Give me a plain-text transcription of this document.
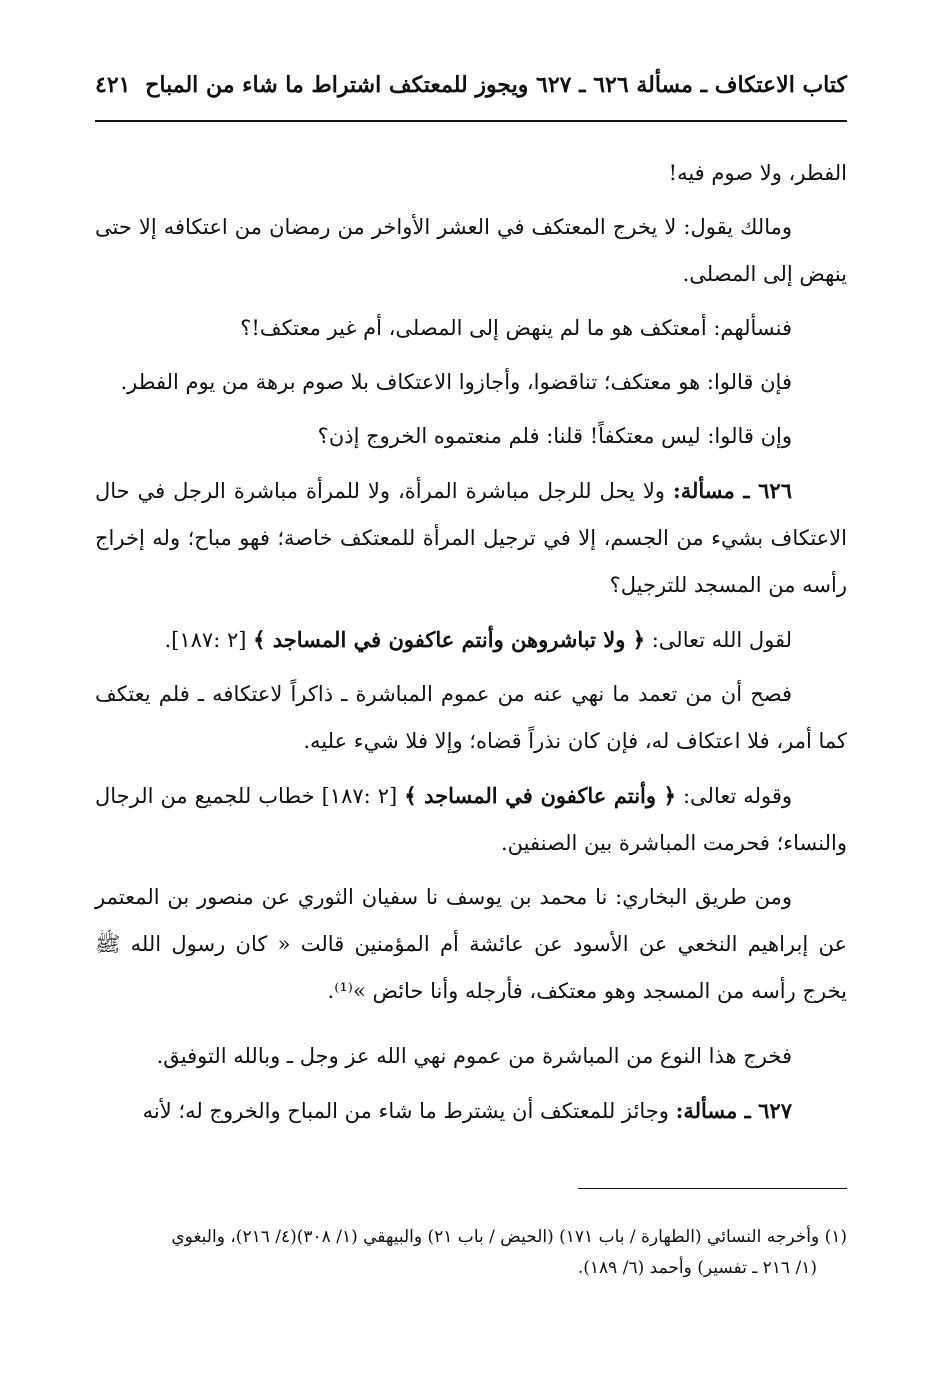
كتاب الاعتكاف ـ مسألة ٦٢٦ ـ ٦٢٧ ويجوز للمعتكف اشتراط ما شاء من المباح
٤٢١

الفطر، ولا صوم فيه!

ومالك يقول: لا يخرج المعتكف في العشر الأواخر من رمضان من اعتكافه إلا حتى ينهض إلى المصلى.

فنسألهم: أمعتكف هو ما لم ينهض إلى المصلى، أم غير معتكف!؟

فإن قالوا: هو معتكف؛ تناقضوا، وأجازوا الاعتكاف بلا صوم برهة من يوم الفطر.

وإن قالوا: ليس معتكفاً! قلنا: فلم منعتموه الخروج إذن؟

٦٢٦ ـ مسألة: ولا يحل للرجل مباشرة المرأة، ولا للمرأة مباشرة الرجل في حال الاعتكاف بشيء من الجسم، إلا في ترجيل المرأة للمعتكف خاصة؛ فهو مباح؛ وله إخراج رأسه من المسجد للترجيل؟

لقول الله تعالى: ﴿ ولا تباشروهن وأنتم عاكفون في المساجد ﴾ [٢ :١٨٧].

فصح أن من تعمد ما نهي عنه من عموم المباشرة ـ ذاكراً لاعتكافه ـ فلم يعتكف كما أمر، فلا اعتكاف له، فإن كان نذراً قضاه؛ وإلا فلا شيء عليه.

وقوله تعالى: ﴿ وأنتم عاكفون في المساجد ﴾ [٢ :١٨٧] خطاب للجميع من الرجال والنساء؛ فحرمت المباشرة بين الصنفين.

ومن طريق البخاري: نا محمد بن يوسف نا سفيان الثوري عن منصور بن المعتمر عن إبراهيم النخعي عن الأسود عن عائشة أم المؤمنين قالت « كان رسول الله ﷺ يخرج رأسه من المسجد وهو معتكف، فأرجله وأنا حائض »⁽¹⁾.

فخرج هذا النوع من المباشرة من عموم نهي الله عز وجل ـ وبالله التوفيق.

٦٢٧ ـ مسألة: وجائز للمعتكف أن يشترط ما شاء من المباح والخروج له؛ لأنه

(١) وأخرجه النسائي (الطهارة / باب ١٧١) (الحيض / باب ٢١) والبيهقي (١/ ٣٠٨)(٤/ ٢١٦)، والبغوي

(١/ ٢١٦ ـ تفسير) وأحمد (٦/ ١٨٩).
